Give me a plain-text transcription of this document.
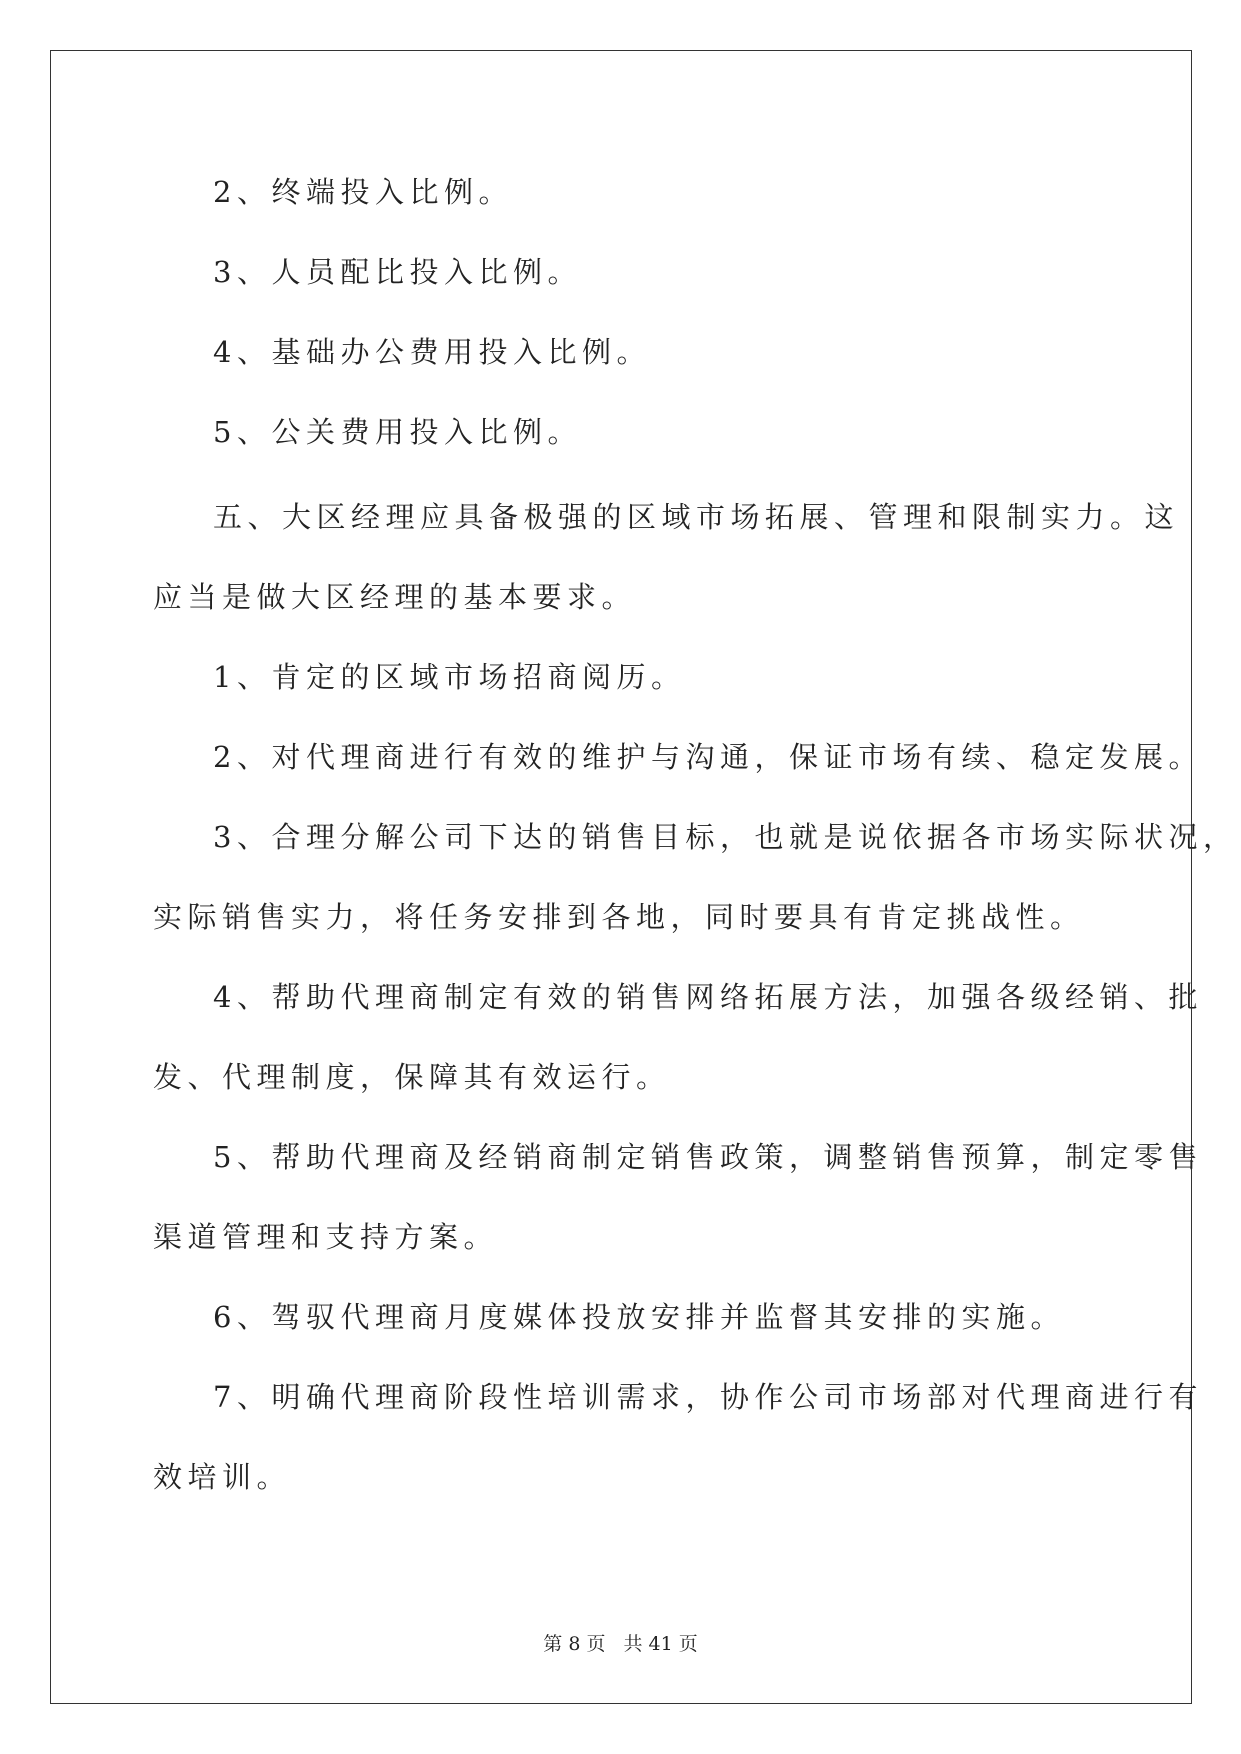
2、终端投入比例。
3、人员配比投入比例。
4、基础办公费用投入比例。
5、公关费用投入比例。
五、大区经理应具备极强的区域市场拓展、管理和限制实力。这
应当是做大区经理的基本要求。
1、肯定的区域市场招商阅历。
2、对代理商进行有效的维护与沟通，保证市场有续、稳定发展。
3、合理分解公司下达的销售目标，也就是说依据各市场实际状况，
实际销售实力，将任务安排到各地，同时要具有肯定挑战性。
4、帮助代理商制定有效的销售网络拓展方法，加强各级经销、批
发、代理制度，保障其有效运行。
5、帮助代理商及经销商制定销售政策，调整销售预算，制定零售
渠道管理和支持方案。
6、驾驭代理商月度媒体投放安排并监督其安排的实施。
7、明确代理商阶段性培训需求，协作公司市场部对代理商进行有
效培训。
第 8 页 共 41 页
